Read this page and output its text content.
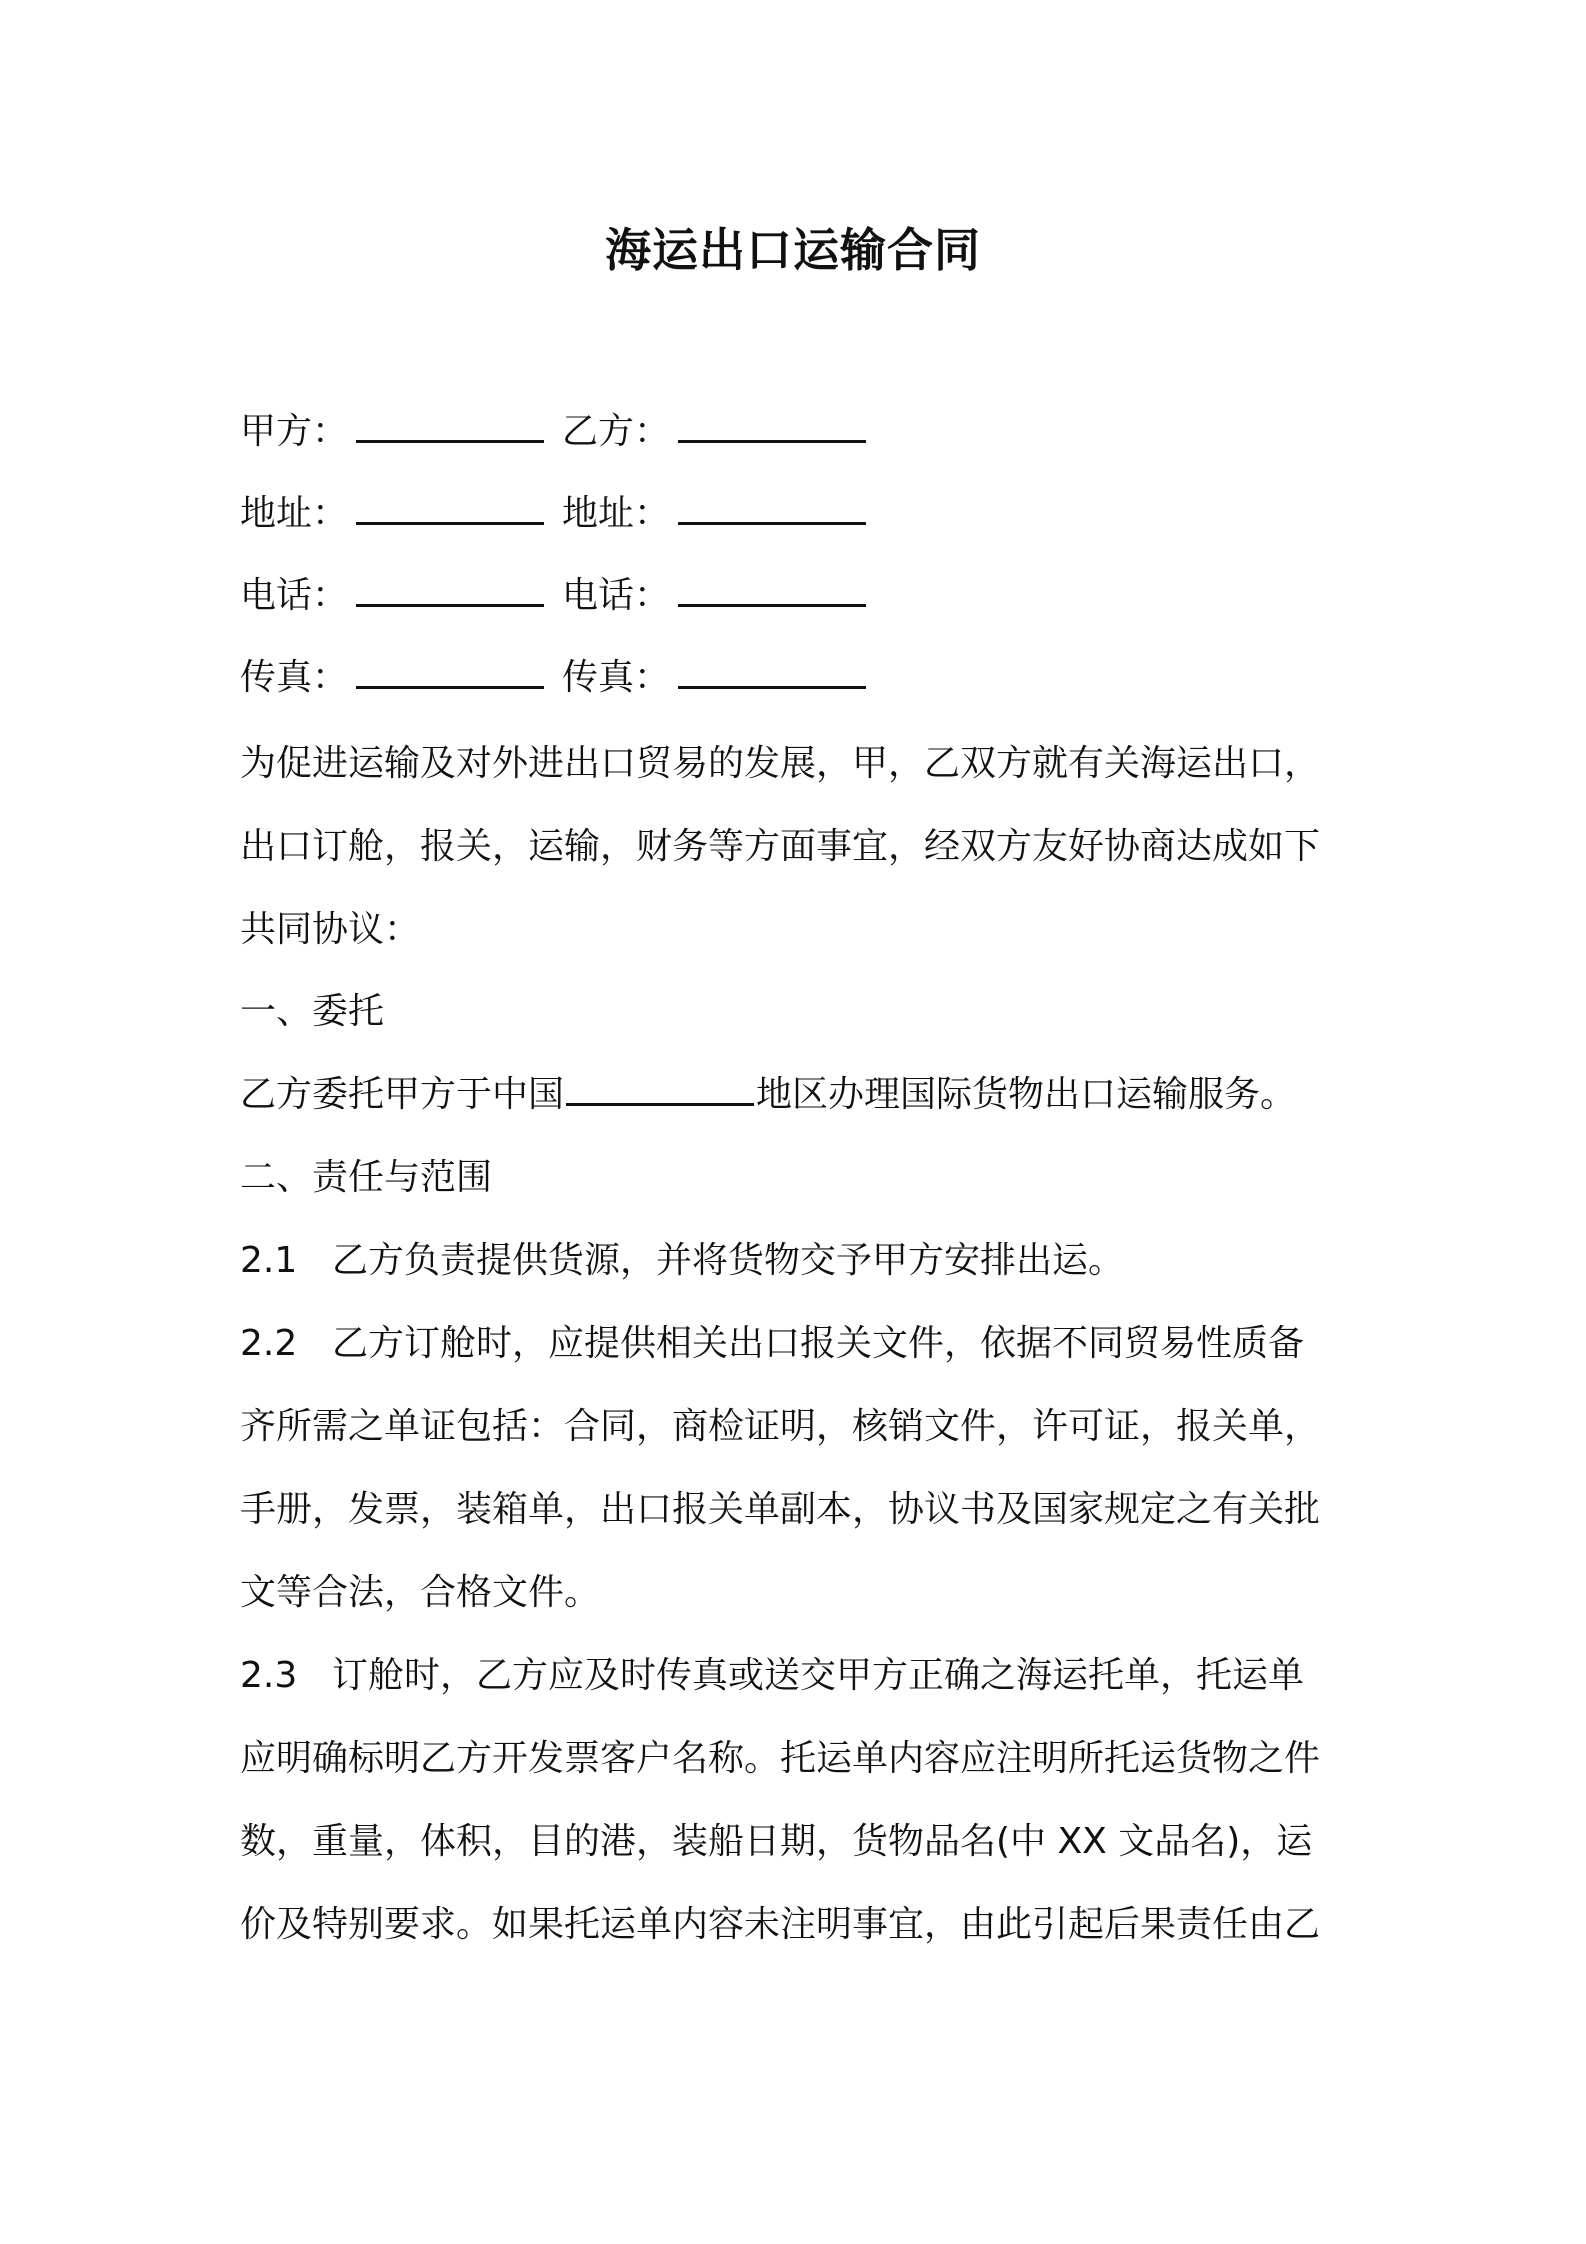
海运出口运输合同
甲方：	乙方：
地址：	地址：
电话：	电话：
传真：	传真：
为促进运输及对外进出口贸易的发展，甲，乙双方就有关海运出口，
出口订舱，报关，运输，财务等方面事宜，经双方友好协商达成如下
共同协议：
一、委托
乙方委托甲方于中国	地区办理国际货物出口运输服务。
二、责任与范围
2.1 乙方负责提供货源，并将货物交予甲方安排出运。
2.2 乙方订舱时，应提供相关出口报关文件，依据不同贸易性质备
齐所需之单证包括：合同，商检证明，核销文件，许可证，报关单，
手册，发票，装箱单，出口报关单副本，协议书及国家规定之有关批
文等合法，合格文件。
2.3 订舱时，乙方应及时传真或送交甲方正确之海运托单，托运单
应明确标明乙方开发票客户名称。托运单内容应注明所托运货物之件
数，重量，体积，目的港，装船日期，货物品名(中 XX 文品名)，运
价及特别要求。如果托运单内容未注明事宜，由此引起后果责任由乙
